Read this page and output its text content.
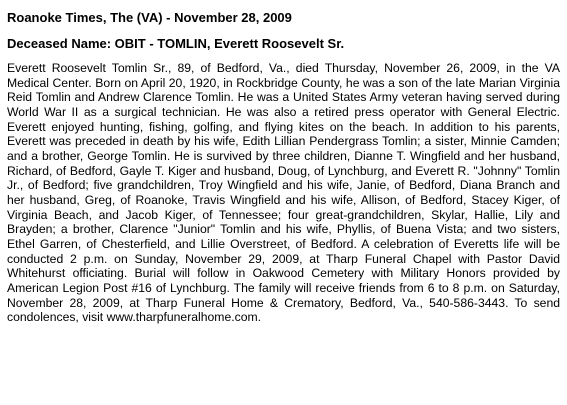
Roanoke Times, The (VA) - November 28, 2009
Deceased Name: OBIT - TOMLIN, Everett Roosevelt Sr.
Everett Roosevelt Tomlin Sr., 89, of Bedford, Va., died Thursday, November 26, 2009, in the VA Medical Center. Born on April 20, 1920, in Rockbridge County, he was a son of the late Marian Virginia Reid Tomlin and Andrew Clarence Tomlin. He was a United States Army veteran having served during World War II as a surgical technician. He was also a retired press operator with General Electric. Everett enjoyed hunting, fishing, golfing, and flying kites on the beach. In addition to his parents, Everett was preceded in death by his wife, Edith Lillian Pendergrass Tomlin; a sister, Minnie Camden; and a brother, George Tomlin. He is survived by three children, Dianne T. Wingfield and her husband, Richard, of Bedford, Gayle T. Kiger and husband, Doug, of Lynchburg, and Everett R. "Johnny" Tomlin Jr., of Bedford; five grandchildren, Troy Wingfield and his wife, Janie, of Bedford, Diana Branch and her husband, Greg, of Roanoke, Travis Wingfield and his wife, Allison, of Bedford, Stacey Kiger, of Virginia Beach, and Jacob Kiger, of Tennessee; four great-grandchildren, Skylar, Hallie, Lily and Brayden; a brother, Clarence "Junior" Tomlin and his wife, Phyllis, of Buena Vista; and two sisters, Ethel Garren, of Chesterfield, and Lillie Overstreet, of Bedford. A celebration of Everetts life will be conducted 2 p.m. on Sunday, November 29, 2009, at Tharp Funeral Chapel with Pastor David Whitehurst officiating. Burial will follow in Oakwood Cemetery with Military Honors provided by American Legion Post #16 of Lynchburg. The family will receive friends from 6 to 8 p.m. on Saturday, November 28, 2009, at Tharp Funeral Home & Crematory, Bedford, Va., 540-586-3443. To send condolences, visit www.tharpfuneralhome.com.
